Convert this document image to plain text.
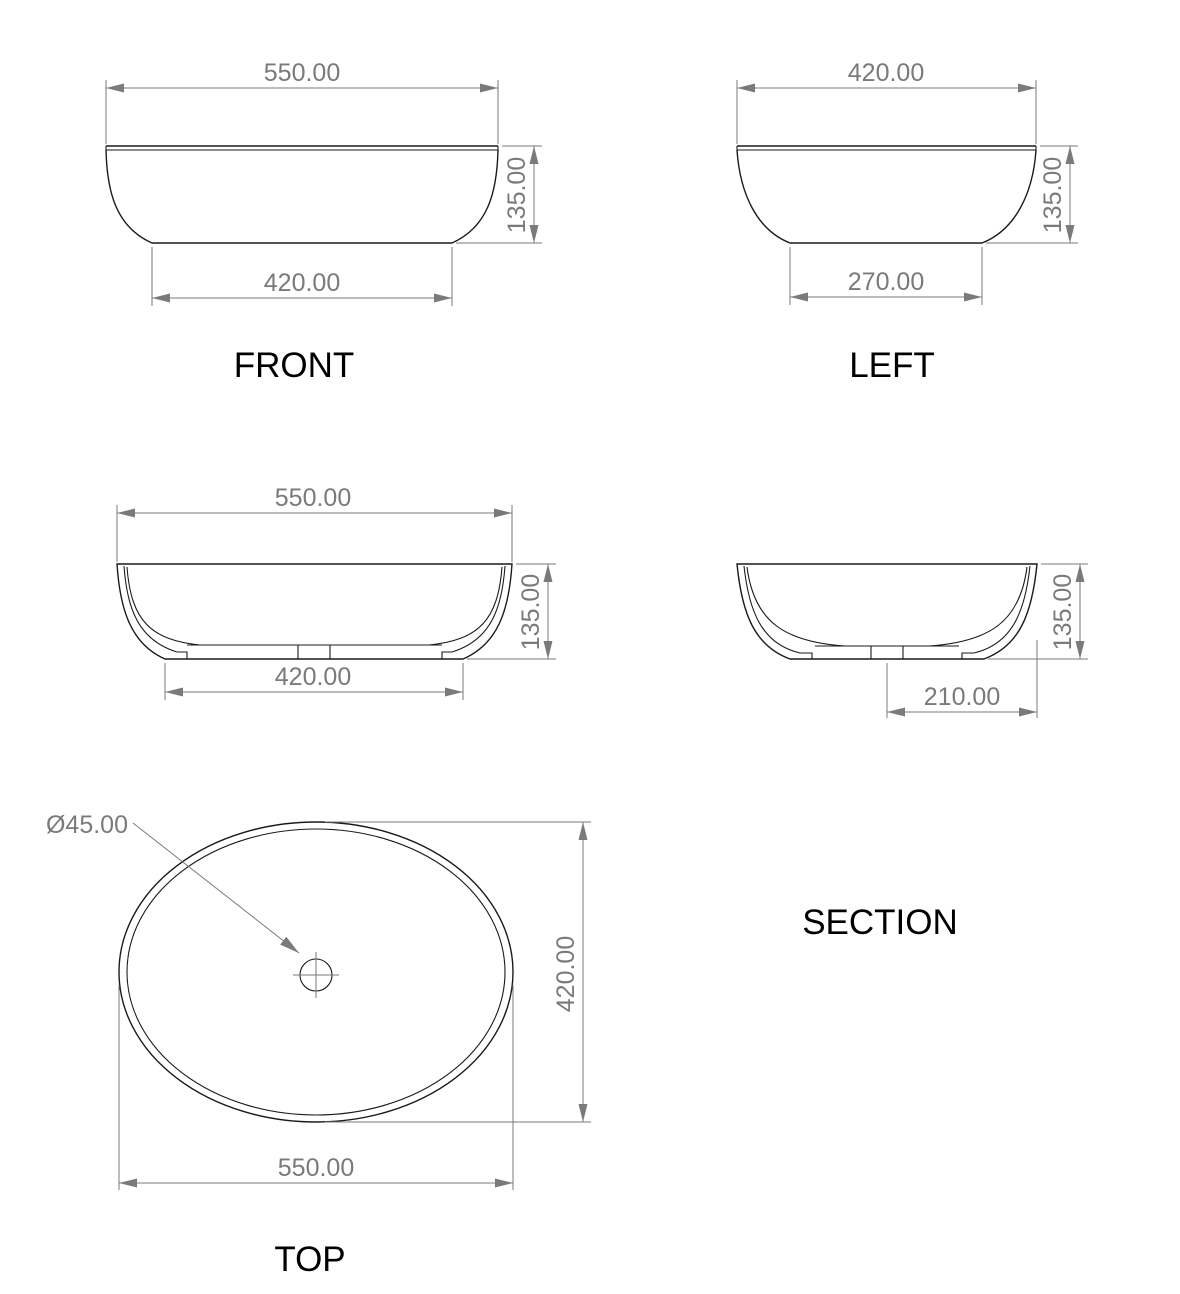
550.00
135.00
420.00
FRONT
420.00
135.00
270.00
LEFT
550.00
135.00
420.00
135.00
210.00
SECTION
Ø45.00
420.00
550.00
TOP
